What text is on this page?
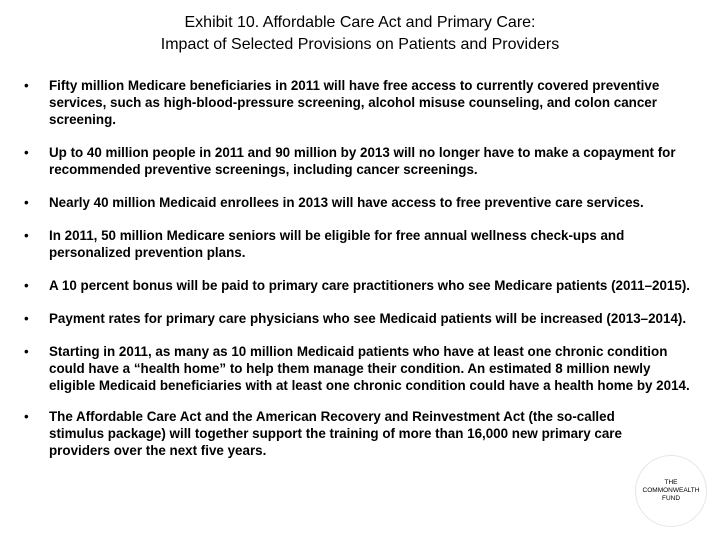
Exhibit 10. Affordable Care Act and Primary Care:
Impact of Selected Provisions on Patients and Providers
• Fifty million Medicare beneficiaries in 2011 will have free access to currently covered preventive services, such as high-blood-pressure screening, alcohol misuse counseling, and colon cancer screening.
• Up to 40 million people in 2011 and 90 million by 2013 will no longer have to make a copayment for recommended preventive screenings, including cancer screenings.
• Nearly 40 million Medicaid enrollees in 2013 will have access to free preventive care services.
• In 2011, 50 million Medicare seniors will be eligible for free annual wellness check-ups and personalized prevention plans.
• A 10 percent bonus will be paid to primary care practitioners who see Medicare patients (2011–2015).
• Payment rates for primary care physicians who see Medicaid patients will be increased (2013–2014).
• Starting in 2011, as many as 10 million Medicaid patients who have at least one chronic condition could have a “health home” to help them manage their condition. An estimated 8 million newly eligible Medicaid beneficiaries with at least one chronic condition could have a health home by 2014.
• The Affordable Care Act and the American Recovery and Reinvestment Act (the so-called stimulus package) will together support the training of more than 16,000 new primary care providers over the next five years.
THE
COMMONWEALTH
FUND
